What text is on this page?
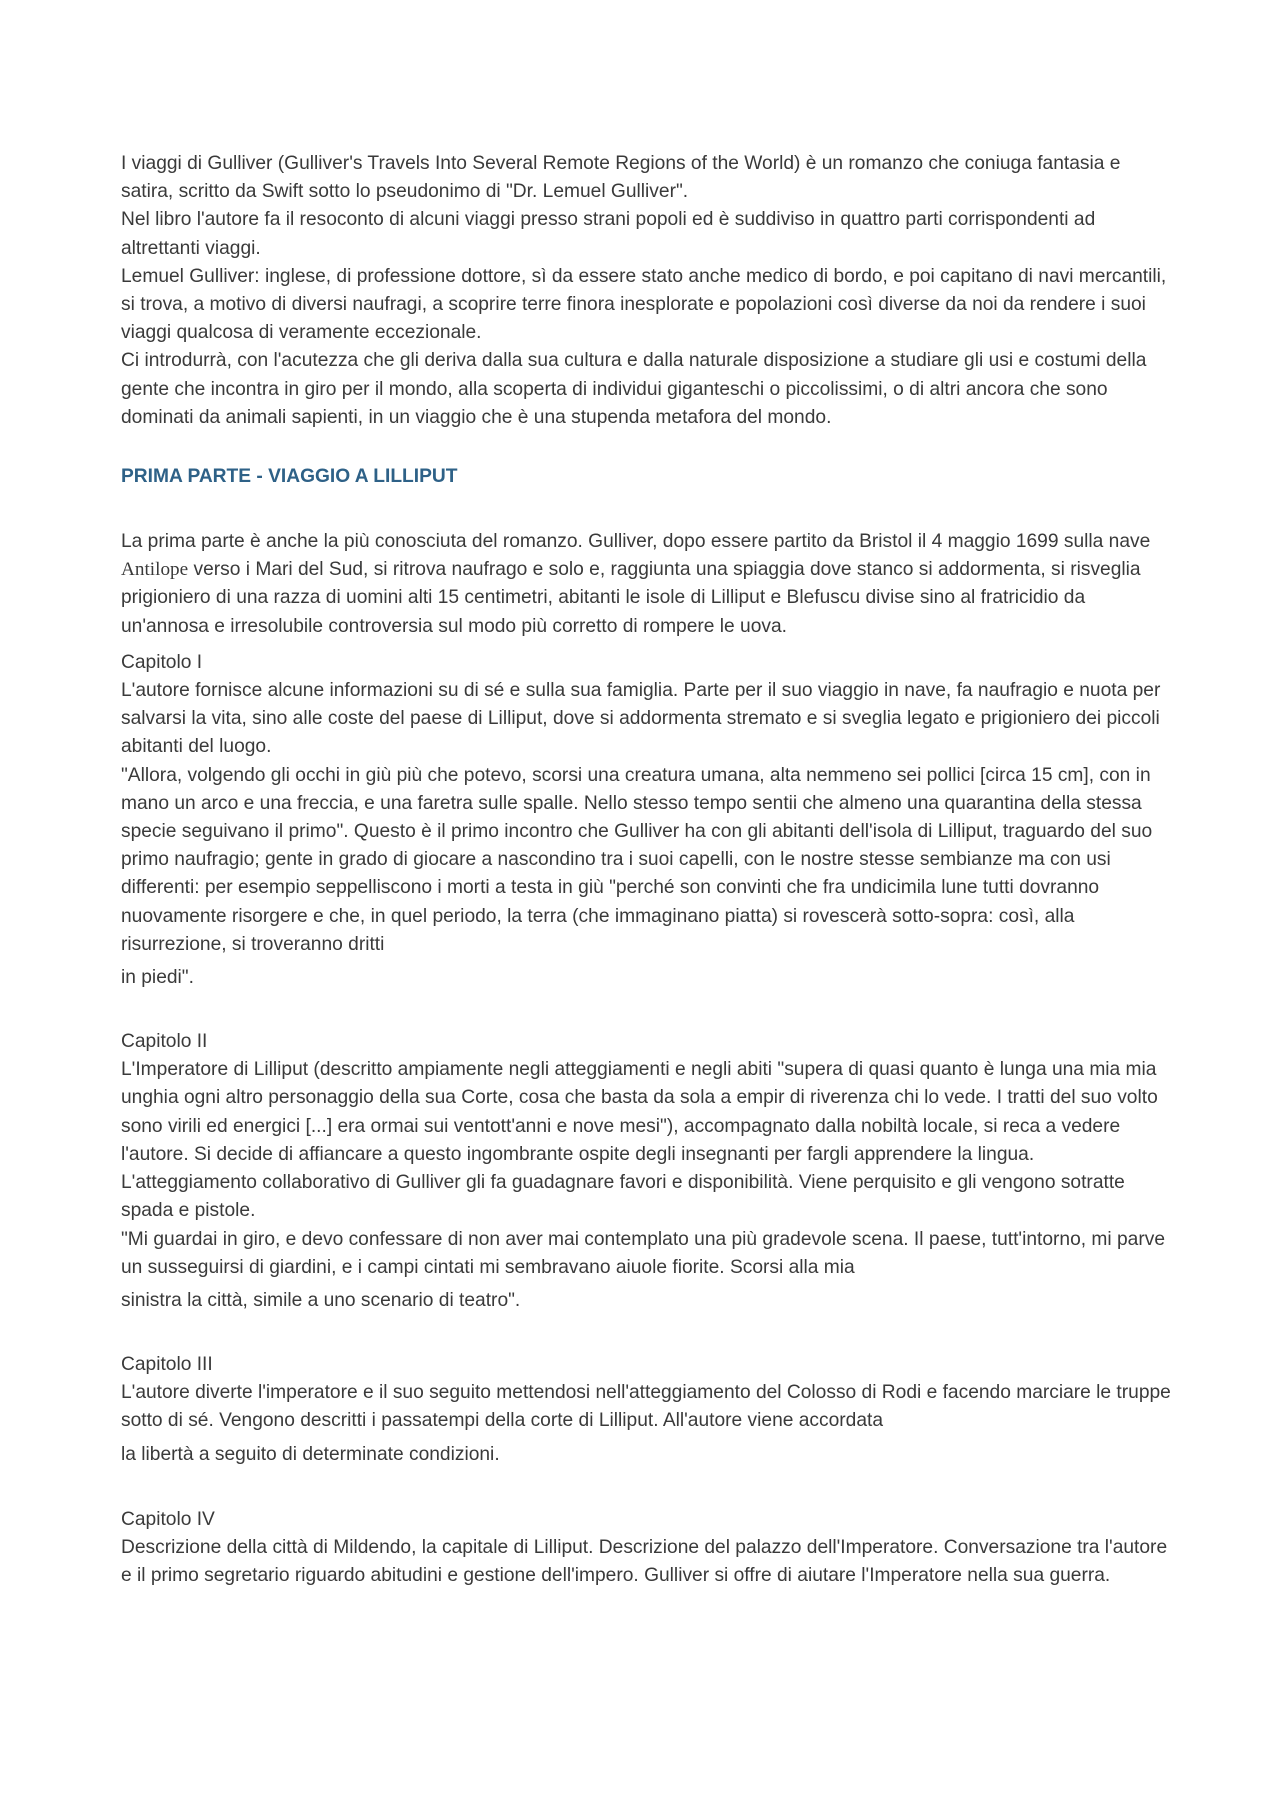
I viaggi di Gulliver (Gulliver's Travels Into Several Remote Regions of the World) è un romanzo che coniuga fantasia e satira, scritto da Swift sotto lo pseudonimo di "Dr. Lemuel Gulliver".

Nel libro l'autore fa il resoconto di alcuni viaggi presso strani popoli ed è suddiviso in quattro parti corrispondenti ad altrettanti viaggi.

Lemuel Gulliver: inglese, di professione dottore, sì da essere stato anche medico di bordo, e poi capitano di navi mercantili, si trova, a motivo di diversi naufragi, a scoprire terre finora inesplorate e popolazioni così diverse da noi da rendere i suoi viaggi qualcosa di veramente eccezionale.

Ci introdurrà, con l'acutezza che gli deriva dalla sua cultura e dalla naturale disposizione a studiare gli usi e costumi della gente che incontra in giro per il mondo, alla scoperta di individui giganteschi o piccolissimi, o di altri ancora che sono dominati da animali sapienti, in un viaggio che è una stupenda metafora del mondo.

PRIMA PARTE - VIAGGIO A LILLIPUT

La prima parte è anche la più conosciuta del romanzo. Gulliver, dopo essere partito da Bristol il 4 maggio 1699 sulla nave Antilope verso i Mari del Sud, si ritrova naufrago e solo e, raggiunta una spiaggia dove stanco si addormenta, si risveglia prigioniero di una razza di uomini alti 15 centimetri, abitanti le isole di Lilliput e Blefuscu divise sino al fratricidio da un'annosa e irresolubile controversia sul modo più corretto di rompere le uova.

Capitolo I

L'autore fornisce alcune informazioni su di sé e sulla sua famiglia. Parte per il suo viaggio in nave, fa naufragio e nuota per salvarsi la vita, sino alle coste del paese di Lilliput, dove si addormenta stremato e si sveglia legato e prigioniero dei piccoli abitanti del luogo.

"Allora, volgendo gli occhi in giù più che potevo, scorsi una creatura umana, alta nemmeno sei pollici [circa 15 cm], con in mano un arco e una freccia, e una faretra sulle spalle. Nello stesso tempo sentii che almeno una quarantina della stessa specie seguivano il primo". Questo è il primo incontro che Gulliver ha con gli abitanti dell'isola di Lilliput, traguardo del suo primo naufragio; gente in grado di giocare a nascondino tra i suoi capelli, con le nostre stesse sembianze ma con usi differenti: per esempio seppelliscono i morti a testa in giù "perché son convinti che fra undicimila lune tutti dovranno nuovamente risorgere e che, in quel periodo, la terra (che immaginano piatta) si rovescerà sotto-sopra: così, alla risurrezione, si troveranno dritti

in piedi".

Capitolo II

L'Imperatore di Lilliput (descritto ampiamente negli atteggiamenti e negli abiti "supera di quasi quanto è lunga una mia mia unghia ogni altro personaggio della sua Corte, cosa che basta da sola a empir di riverenza chi lo vede. I tratti del suo volto sono virili ed energici [...] era ormai sui ventott'anni e nove mesi"), accompagnato dalla nobiltà locale, si reca a vedere l'autore. Si decide di affiancare a questo ingombrante ospite degli insegnanti per fargli apprendere la lingua. L'atteggiamento collaborativo di Gulliver gli fa guadagnare favori e disponibilità. Viene perquisito e gli vengono sotratte spada e pistole.

"Mi guardai in giro, e devo confessare di non aver mai contemplato una più gradevole scena. Il paese, tutt'intorno, mi parve un susseguirsi di giardini, e i campi cintati mi sembravano aiuole fiorite. Scorsi alla mia

sinistra la città, simile a uno scenario di teatro".

Capitolo III

L'autore diverte l'imperatore e il suo seguito mettendosi nell'atteggiamento del Colosso di Rodi e facendo marciare le truppe sotto di sé. Vengono descritti i passatempi della corte di Lilliput. All'autore viene accordata

la libertà a seguito di determinate condizioni.

Capitolo IV

Descrizione della città di Mildendo, la capitale di Lilliput. Descrizione del palazzo dell'Imperatore. Conversazione tra l'autore e il primo segretario riguardo abitudini e gestione dell'impero. Gulliver si offre di aiutare l'Imperatore nella sua guerra.
